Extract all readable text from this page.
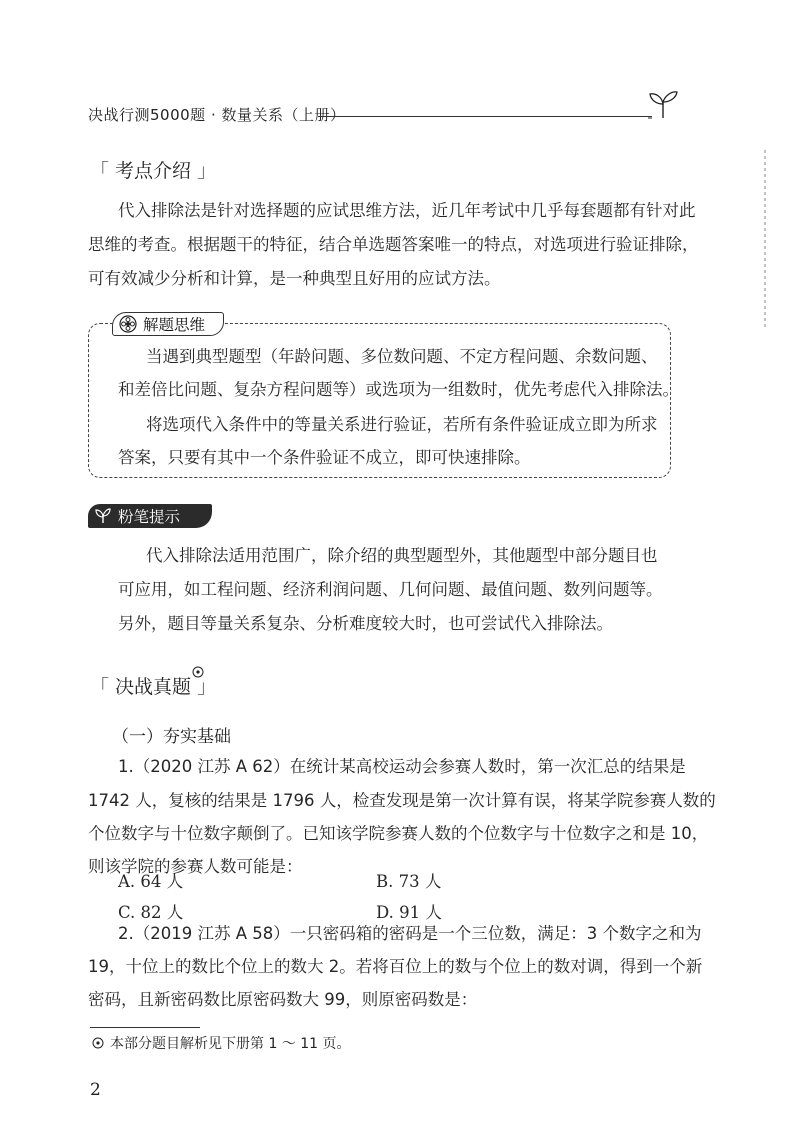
决战行测5000题 · 数量关系（上册）
「 考点介绍 」

代入排除法是针对选择题的应试思维方法，近几年考试中几乎每套题都有针对此

思维的考查。根据题干的特征，结合单选题答案唯一的特点，对选项进行验证排除，

可有效减少分析和计算，是一种典型且好用的应试方法。

解题思维

当遇到典型题型（年龄问题、多位数问题、不定方程问题、余数问题、

和差倍比问题、复杂方程问题等）或选项为一组数时，优先考虑代入排除法。

将选项代入条件中的等量关系进行验证，若所有条件验证成立即为所求

答案，只要有其中一个条件验证不成立，即可快速排除。

粉笔提示

代入排除法适用范围广，除介绍的典型题型外，其他题型中部分题目也

可应用，如工程问题、经济利润问题、几何问题、最值问题、数列问题等。

另外，题目等量关系复杂、分析难度较大时，也可尝试代入排除法。

「 决战真题 」
（一）夯实基础

1.（2020 江苏 A 62）在统计某高校运动会参赛人数时，第一次汇总的结果是

1742 人，复核的结果是 1796 人，检查发现是第一次计算有误，将某学院参赛人数的

个位数字与十位数字颠倒了。已知该学院参赛人数的个位数字与十位数字之和是 10，

则该学院的参赛人数可能是：

A. 64 人	B. 73 人
C. 82 人	D. 91 人

2.（2019 江苏 A 58）一只密码箱的密码是一个三位数，满足：3 个数字之和为

19，十位上的数比个位上的数大 2。若将百位上的数与个位上的数对调，得到一个新

密码，且新密码数比原密码数大 99，则原密码数是：

本部分题目解析见下册第 1 ～ 11 页。
2
